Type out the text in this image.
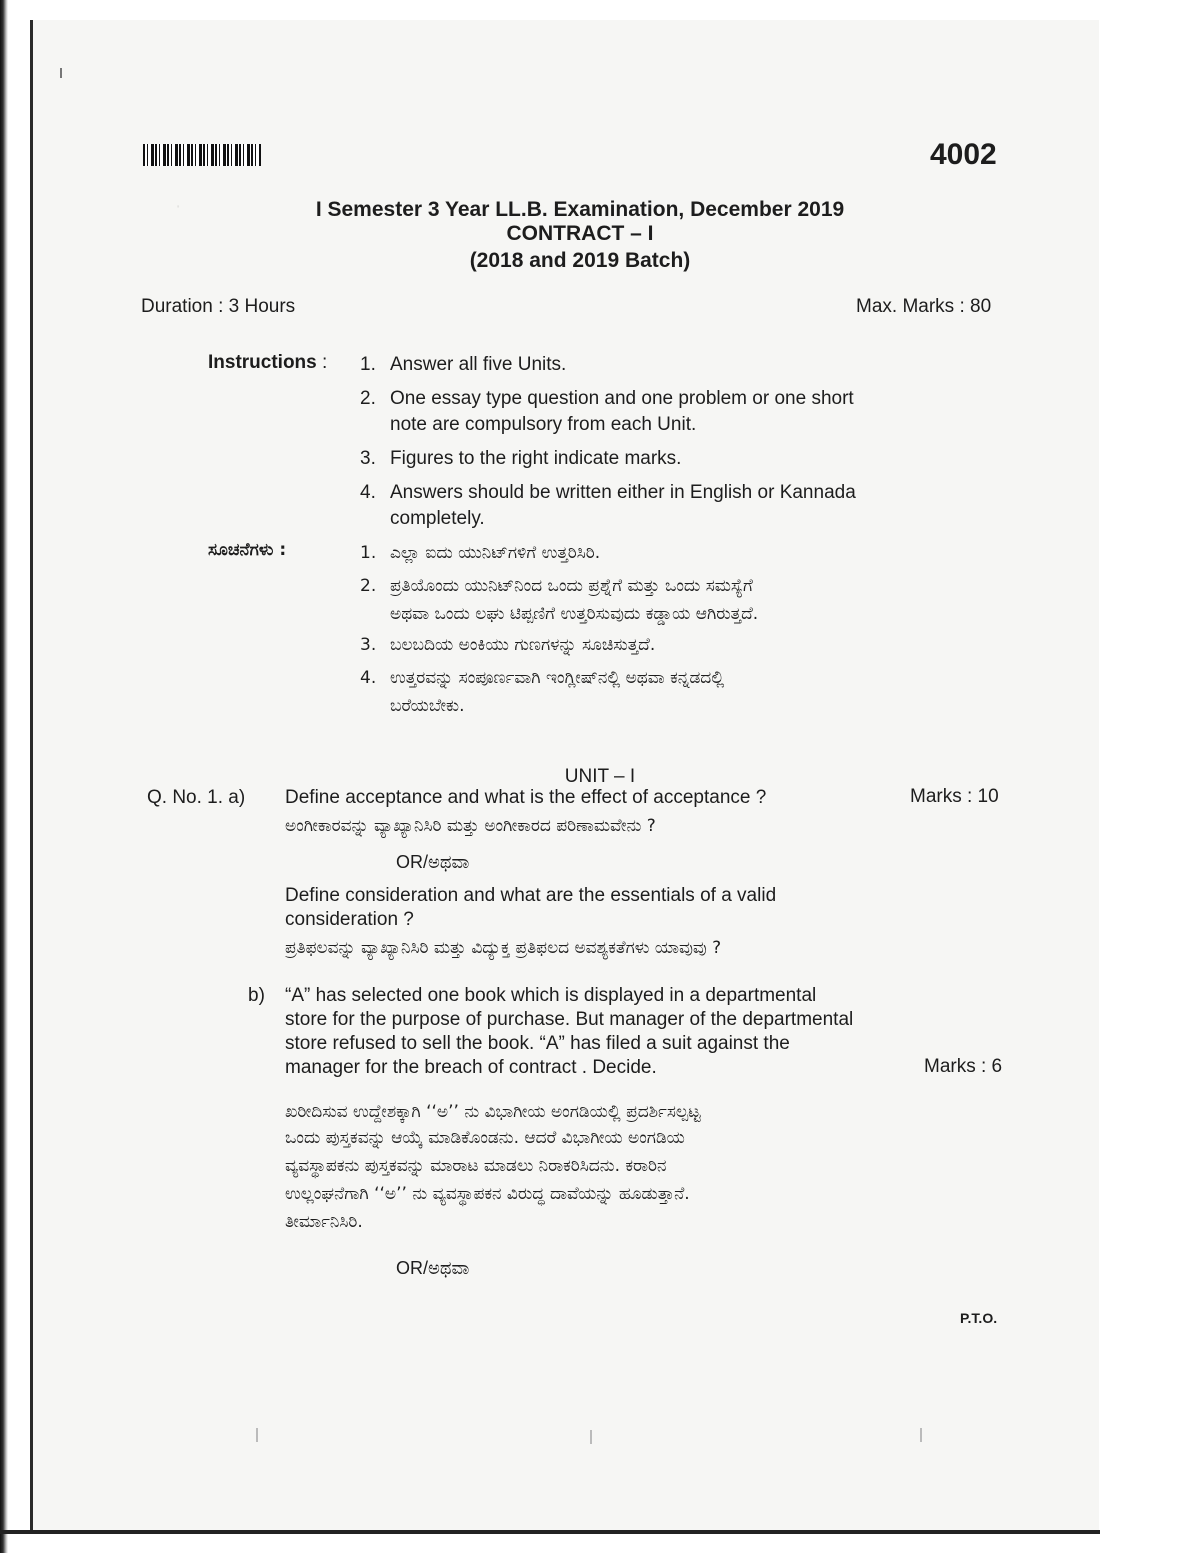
·
4002
I Semester 3 Year LL.B. Examination, December 2019
CONTRACT – I
(2018 and 2019 Batch)
Duration : 3 Hours	Max. Marks : 80
Instructions : 1. Answer all five Units.
2. One essay type question and one problem or one short
note are compulsory from each Unit.
3. Figures to the right indicate marks.
4. Answers should be written either in English or Kannada
completely.
ಸೂಚನೆಗಳು :	1. ಎಲ್ಲಾ ಐದು ಯುನಿಟ್‌ಗಳಿಗೆ ಉತ್ತರಿಸಿರಿ.
2. ಪ್ರತಿಯೊಂದು ಯುನಿಟ್‌ನಿಂದ ಒಂದು ಪ್ರಶ್ನೆಗೆ ಮತ್ತು ಒಂದು ಸಮಸ್ಯೆಗೆ
ಅಥವಾ ಒಂದು ಲಘು ಟಿಪ್ಪಣಿಗೆ ಉತ್ತರಿಸುವುದು ಕಡ್ಡಾಯ ಆಗಿರುತ್ತದೆ.
3. ಬಲಬದಿಯ ಅಂಕಿಯು ಗುಣಗಳನ್ನು ಸೂಚಿಸುತ್ತದೆ.
4. ಉತ್ತರವನ್ನು ಸಂಪೂರ್ಣವಾಗಿ ಇಂಗ್ಲೀಷ್‌ನಲ್ಲಿ ಅಥವಾ ಕನ್ನಡದಲ್ಲಿ
ಬರೆಯಬೇಕು.
UNIT – I
Q. No. 1. a) Define acceptance and what is the effect of acceptance ?	Marks : 10
ಅಂಗೀಕಾರವನ್ನು ವ್ಯಾಖ್ಯಾನಿಸಿರಿ ಮತ್ತು ಅಂಗೀಕಾರದ ಪರಿಣಾಮವೇನು ?
OR/ಅಥವಾ
Define consideration and what are the essentials of a valid
consideration ?
ಪ್ರತಿಫಲವನ್ನು ವ್ಯಾಖ್ಯಾನಿಸಿರಿ ಮತ್ತು ವಿದ್ಯುಕ್ತ ಪ್ರತಿಫಲದ ಅವಶ್ಯಕತೆಗಳು ಯಾವುವು ?
b) “A” has selected one book which is displayed in a departmental
store for the purpose of purchase. But manager of the departmental
store refused to sell the book. “A” has filed a suit against the
manager for the breach of contract . Decide.	Marks : 6
ಖರೀದಿಸುವ ಉದ್ದೇಶಕ್ಕಾಗಿ ‘‘ಅ’’ ನು ವಿಭಾಗೀಯ ಅಂಗಡಿಯಲ್ಲಿ ಪ್ರದರ್ಶಿಸಲ್ಪಟ್ಟ
ಒಂದು ಪುಸ್ತಕವನ್ನು ಆಯ್ಕೆ ಮಾಡಿಕೊಂಡನು. ಆದರೆ ವಿಭಾಗೀಯ ಅಂಗಡಿಯ
ವ್ಯವಸ್ಥಾಪಕನು ಪುಸ್ತಕವನ್ನು ಮಾರಾಟ ಮಾಡಲು ನಿರಾಕರಿಸಿದನು. ಕರಾರಿನ
ಉಲ್ಲಂಘನೆಗಾಗಿ ‘‘ಅ’’ ನು ವ್ಯವಸ್ಥಾಪಕನ ವಿರುದ್ಧ ದಾವೆಯನ್ನು ಹೂಡುತ್ತಾನೆ.
ತೀರ್ಮಾನಿಸಿರಿ.
OR/ಅಥವಾ
P.T.O.
